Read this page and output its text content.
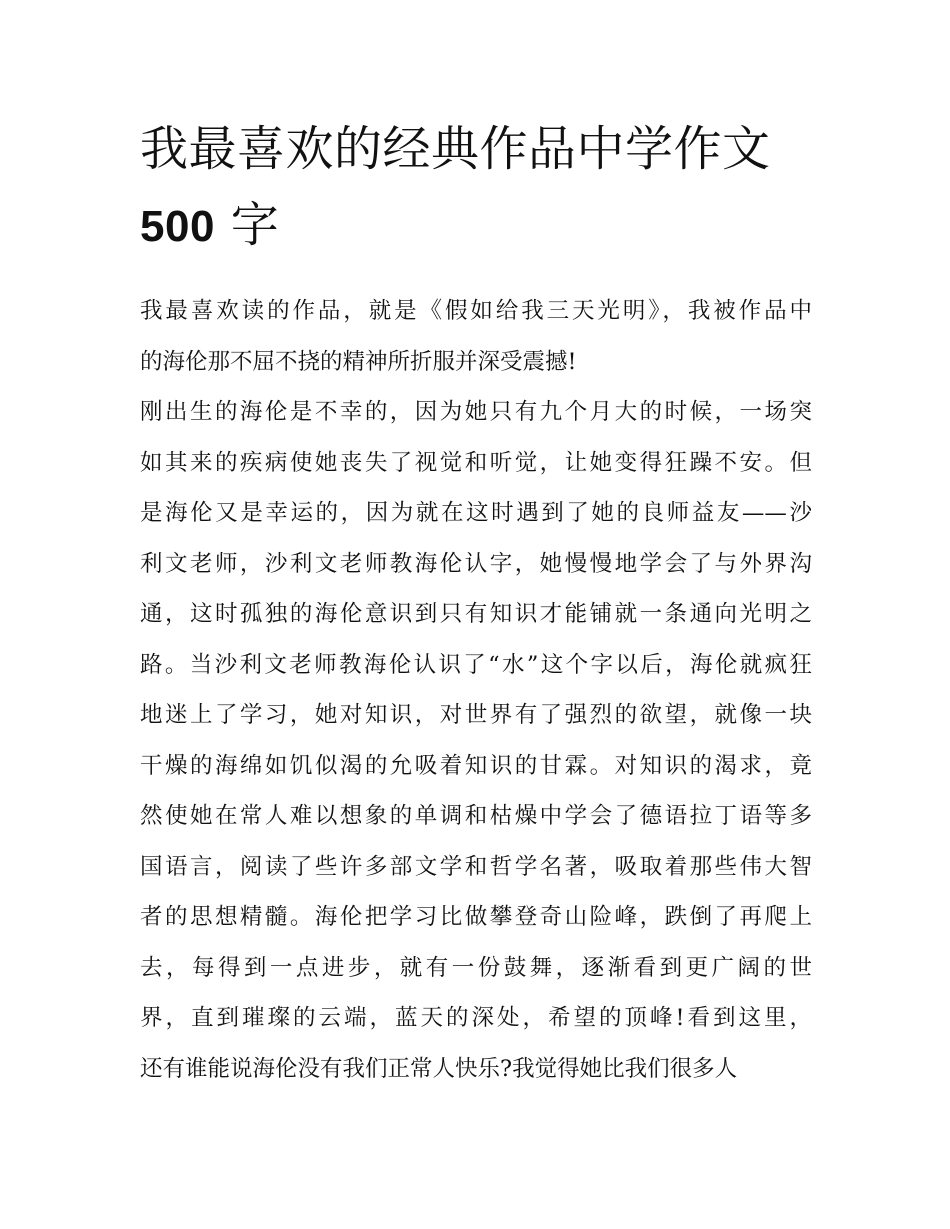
我最喜欢的经典作品中学作文
500 字
我最喜欢读的作品，就是《假如给我三天光明》，我被作品中
的海伦那不屈不挠的精神所折服并深受震撼!
刚出生的海伦是不幸的，因为她只有九个月大的时候，一场突
如其来的疾病使她丧失了视觉和听觉，让她变得狂躁不安。但
是海伦又是幸运的，因为就在这时遇到了她的良师益友——沙
利文老师，沙利文老师教海伦认字，她慢慢地学会了与外界沟
通，这时孤独的海伦意识到只有知识才能铺就一条通向光明之
路。当沙利文老师教海伦认识了“水”这个字以后，海伦就疯狂
地迷上了学习，她对知识，对世界有了强烈的欲望，就像一块
干燥的海绵如饥似渴的允吸着知识的甘霖。对知识的渴求，竟
然使她在常人难以想象的单调和枯燥中学会了德语拉丁语等多
国语言，阅读了些许多部文学和哲学名著，吸取着那些伟大智
者的思想精髓。海伦把学习比做攀登奇山险峰，跌倒了再爬上
去，每得到一点进步，就有一份鼓舞，逐渐看到更广阔的世
界，直到璀璨的云端，蓝天的深处，希望的顶峰!看到这里，
还有谁能说海伦没有我们正常人快乐?我觉得她比我们很多人
